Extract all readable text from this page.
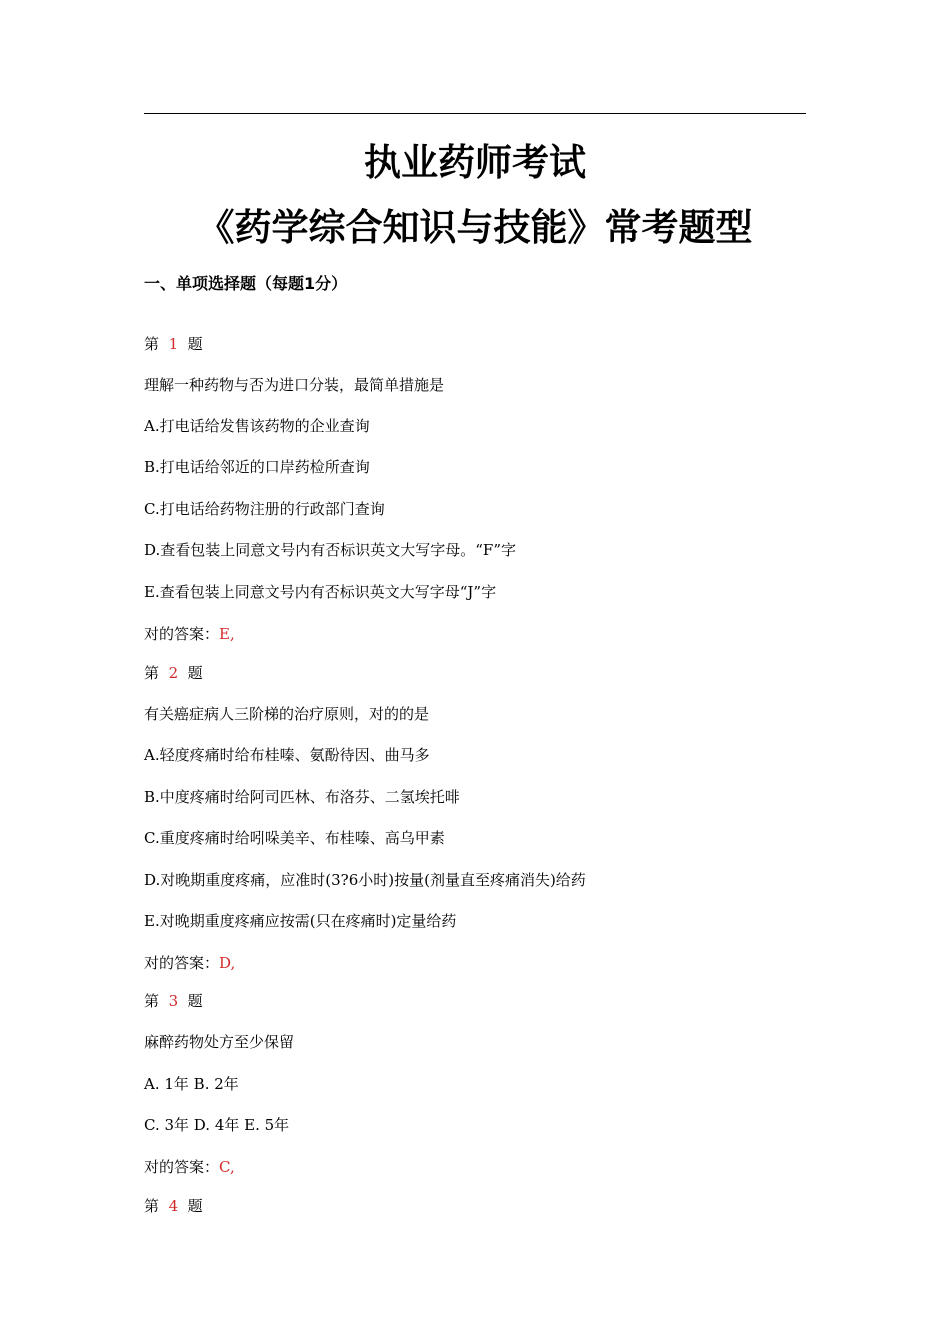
执业药师考试
《药学综合知识与技能》常考题型
一、单项选择题（每题1分）
第 1 题
理解一种药物与否为进口分装，最简单措施是
A.打电话给发售该药物的企业查询
B.打电话给邻近的口岸药检所查询
C.打电话给药物注册的行政部门查询
D.查看包装上同意文号内有否标识英文大写字母。“F”字
E.查看包装上同意文号内有否标识英文大写字母“J”字
对的答案：E,
第 2 题
有关癌症病人三阶梯的治疗原则，对的的是
A.轻度疼痛时给布桂嗪、氨酚待因、曲马多
B.中度疼痛时给阿司匹林、布洛芬、二氢埃托啡
C.重度疼痛时给吲哚美辛、布桂嗪、高乌甲素
D.对晚期重度疼痛，应准时(3?6小时)按量(剂量直至疼痛消失)给药
E.对晚期重度疼痛应按需(只在疼痛时)定量给药
对的答案：D,
第 3 题
麻醉药物处方至少保留
A. 1年 B. 2年
C. 3年 D. 4年 E. 5年
对的答案：C,
第 4 题
